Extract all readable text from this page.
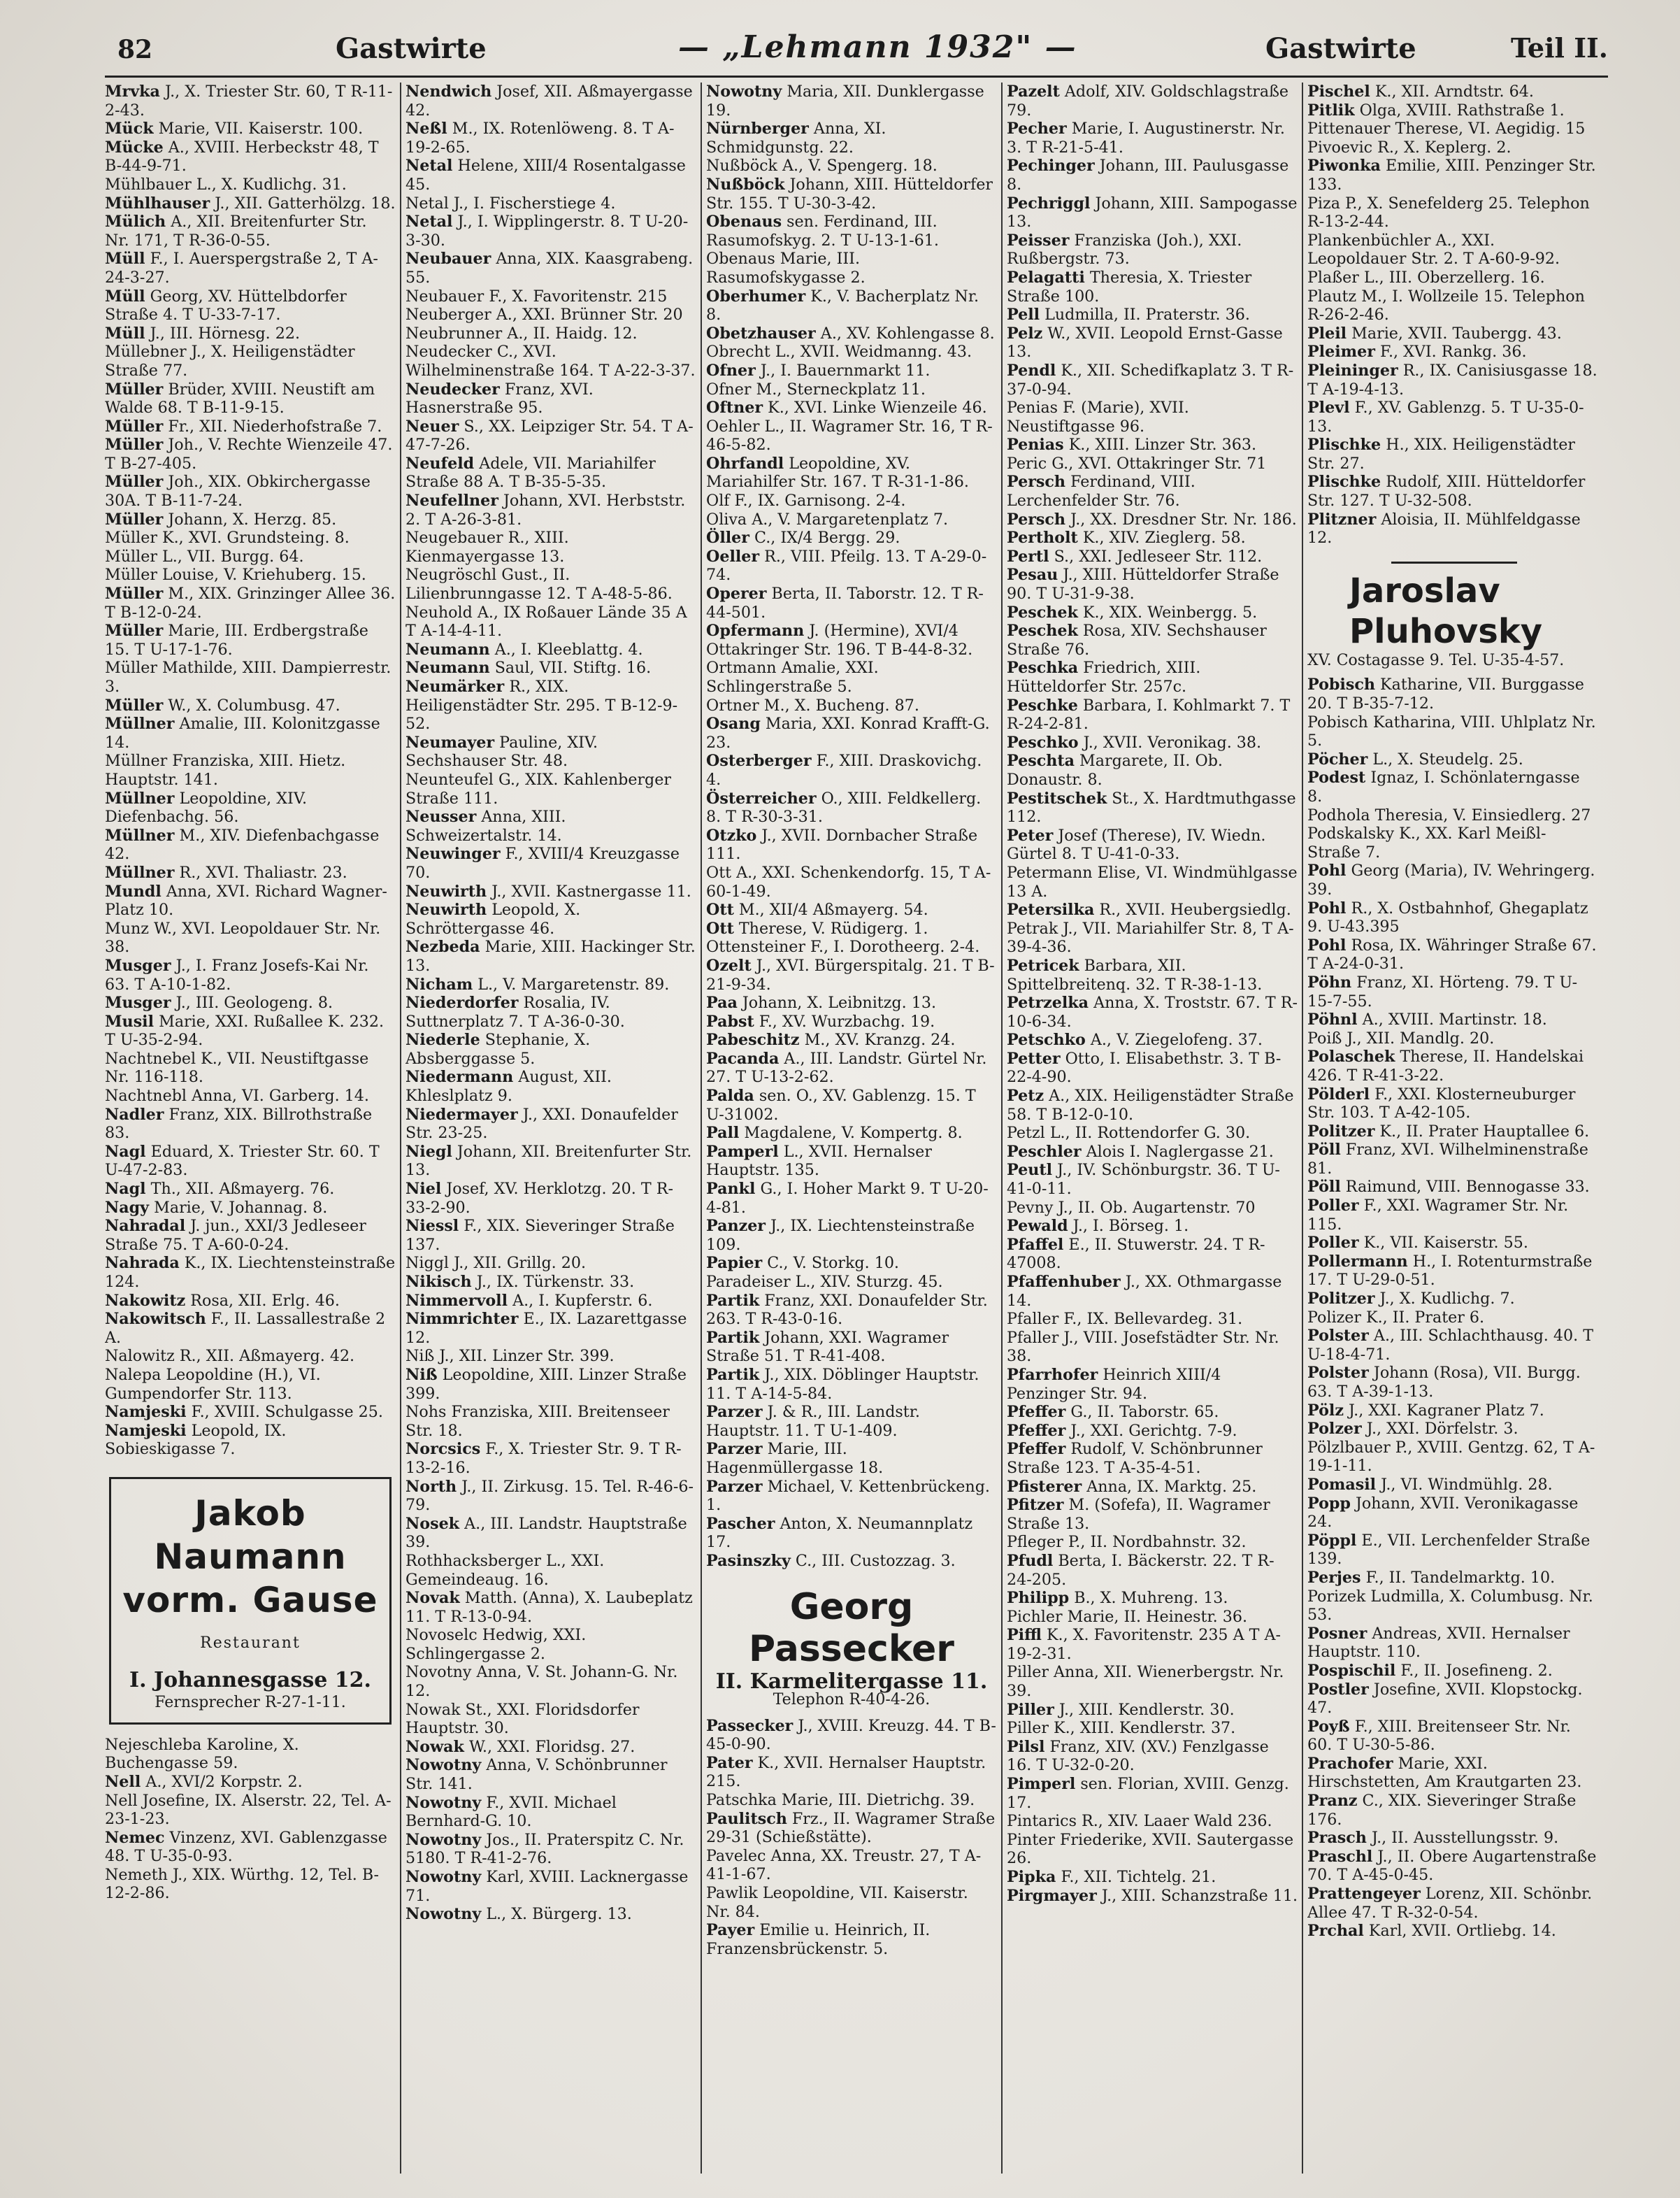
82	Gastwirte	— „Lehmann 1932" —	Gastwirte	Teil II.

Mrvka J., X. Triester Str. 60, T R-11-2-43.

Mück Marie, VII. Kaiserstr. 100.

Mücke A., XVIII. Herbeckstr 48, T B-44-9-71.

Mühlbauer L., X. Kudlichg. 31.

Mühlhauser J., XII. Gatterhölzg. 18.

Mülich A., XII. Breitenfurter Str. Nr. 171, T R-36-0-55.

Müll F., I. Auerspergstraße 2, T A-24-3-27.

Müll Georg, XV. Hüttelbdorfer Straße 4. T U-33-7-17.

Müll J., III. Hörnesg. 22.

Müllebner J., X. Heiligenstädter Straße 77.

Müller Brüder, XVIII. Neustift am Walde 68. T B-11-9-15.

Müller Fr., XII. Niederhofstraße 7.

Müller Joh., V. Rechte Wienzeile 47. T B-27-405.

Müller Joh., XIX. Obkirchergasse 30A. T B-11-7-24.

Müller Johann, X. Herzg. 85.

Müller K., XVI. Grundsteing. 8.

Müller L., VII. Burgg. 64.

Müller Louise, V. Kriehuberg. 15.

Müller M., XIX. Grinzinger Allee 36. T B-12-0-24.

Müller Marie, III. Erdbergstraße 15. T U-17-1-76.

Müller Mathilde, XIII. Dampierrestr. 3.

Müller W., X. Columbusg. 47.

Müllner Amalie, III. Kolonitzgasse 14.

Müllner Franziska, XIII. Hietz. Hauptstr. 141.

Müllner Leopoldine, XIV. Diefenbachg. 56.

Müllner M., XIV. Diefenbachgasse 42.

Müllner R., XVI. Thaliastr. 23.

Mundl Anna, XVI. Richard Wagner-Platz 10.

Munz W., XVI. Leopoldauer Str. Nr. 38.

Musger J., I. Franz Josefs-Kai Nr. 63. T A-10-1-82.

Musger J., III. Geologeng. 8.

Musil Marie, XXI. Rußallee K. 232. T U-35-2-94.

Nachtnebel K., VII. Neustiftgasse Nr. 116-118.

Nachtnebl Anna, VI. Garberg. 14.

Nadler Franz, XIX. Billrothstraße 83.

Nagl Eduard, X. Triester Str. 60. T U-47-2-83.

Nagl Th., XII. Aßmayerg. 76.

Nagy Marie, V. Johannag. 8.

Nahradal J. jun., XXI/3 Jedleseer Straße 75. T A-60-0-24.

Nahrada K., IX. Liechtensteinstraße 124.

Nakowitz Rosa, XII. Erlg. 46.

Nakowitsch F., II. Lassallestraße 2 A.

Nalowitz R., XII. Aßmayerg. 42.

Nalepa Leopoldine (H.), VI. Gumpendorfer Str. 113.

Namjeski F., XVIII. Schulgasse 25.

Namjeski Leopold, IX. Sobieskigasse 7.

Jakob Naumann
vorm. Gause
Restaurant
I. Johannesgasse 12.
Fernsprecher R-27-1-11.

Nejeschleba Karoline, X. Buchengasse 59.

Nell A., XVI/2 Korpstr. 2.

Nell Josefine, IX. Alserstr. 22, Tel. A-23-1-23.

Nemec Vinzenz, XVI. Gablenzgasse 48. T U-35-0-93.

Nemeth J., XIX. Würthg. 12, Tel. B-12-2-86.

Nendwich Josef, XII. Aßmayergasse 42.

Neßl M., IX. Rotenlöweng. 8. T A-19-2-65.

Netal Helene, XIII/4 Rosentalgasse 45.

Netal J., I. Fischerstiege 4.

Netal J., I. Wipplingerstr. 8. T U-20-3-30.

Neubauer Anna, XIX. Kaasgrabeng. 55.

Neubauer F., X. Favoritenstr. 215

Neuberger A., XXI. Brünner Str. 20

Neubrunner A., II. Haidg. 12.

Neudecker C., XVI. Wilhelminenstraße 164. T A-22-3-37.

Neudecker Franz, XVI. Hasnerstraße 95.

Neuer S., XX. Leipziger Str. 54. T A-47-7-26.

Neufeld Adele, VII. Mariahilfer Straße 88 A. T B-35-5-35.

Neufellner Johann, XVI. Herbststr. 2. T A-26-3-81.

Neugebauer R., XIII. Kienmayergasse 13.

Neugröschl Gust., II. Lilienbrunngasse 12. T A-48-5-86.

Neuhold A., IX Roßauer Lände 35 A T A-14-4-11.

Neumann A., I. Kleeblattg. 4.

Neumann Saul, VII. Stiftg. 16.

Neumärker R., XIX. Heiligenstädter Str. 295. T B-12-9-52.

Neumayer Pauline, XIV. Sechshauser Str. 48.

Neunteufel G., XIX. Kahlenberger Straße 111.

Neusser Anna, XIII. Schweizertalstr. 14.

Neuwinger F., XVIII/4 Kreuzgasse 70.

Neuwirth J., XVII. Kastnergasse 11.

Neuwirth Leopold, X. Schröttergasse 46.

Nezbeda Marie, XIII. Hackinger Str. 13.

Nicham L., V. Margaretenstr. 89.

Niederdorfer Rosalia, IV. Suttnerplatz 7. T A-36-0-30.

Niederle Stephanie, X. Absberggasse 5.

Niedermann August, XII. Khleslplatz 9.

Niedermayer J., XXI. Donaufelder Str. 23-25.

Niegl Johann, XII. Breitenfurter Str. 13.

Niel Josef, XV. Herklotzg. 20. T R-33-2-90.

Niessl F., XIX. Sieveringer Straße 137.

Niggl J., XII. Grillg. 20.

Nikisch J., IX. Türkenstr. 33.

Nimmervoll A., I. Kupferstr. 6.

Nimmrichter E., IX. Lazarettgasse 12.

Niß J., XII. Linzer Str. 399.

Niß Leopoldine, XIII. Linzer Straße 399.

Nohs Franziska, XIII. Breitenseer Str. 18.

Norcsics F., X. Triester Str. 9. T R-13-2-16.

North J., II. Zirkusg. 15. Tel. R-46-6-79.

Nosek A., III. Landstr. Hauptstraße 39.

Rothhacksberger L., XXI. Gemeindeaug. 16.

Novak Matth. (Anna), X. Laubeplatz 11. T R-13-0-94.

Novoselc Hedwig, XXI. Schlingergasse 2.

Novotny Anna, V. St. Johann-G. Nr. 12.

Nowak St., XXI. Floridsdorfer Hauptstr. 30.

Nowak W., XXI. Floridsg. 27.

Nowotny Anna, V. Schönbrunner Str. 141.

Nowotny F., XVII. Michael Bernhard-G. 10.

Nowotny Jos., II. Praterspitz C. Nr. 5180. T R-41-2-76.

Nowotny Karl, XVIII. Lacknergasse 71.

Nowotny L., X. Bürgerg. 13.

Nowotny Maria, XII. Dunklergasse 19.

Nürnberger Anna, XI. Schmidgunstg. 22.

Nußböck A., V. Spengerg. 18.

Nußböck Johann, XIII. Hütteldorfer Str. 155. T U-30-3-42.

Obenaus sen. Ferdinand, III. Rasumofskyg. 2. T U-13-1-61.

Obenaus Marie, III. Rasumofskygasse 2.

Oberhumer K., V. Bacherplatz Nr. 8.

Obetzhauser A., XV. Kohlengasse 8.

Obrecht L., XVII. Weidmanng. 43.

Ofner J., I. Bauernmarkt 11.

Ofner M., Sterneckplatz 11.

Oftner K., XVI. Linke Wienzeile 46.

Oehler L., II. Wagramer Str. 16, T R-46-5-82.

Ohrfandl Leopoldine, XV. Mariahilfer Str. 167. T R-31-1-86.

Olf F., IX. Garnisong. 2-4.

Oliva A., V. Margaretenplatz 7.

Öller C., IX/4 Bergg. 29.

Oeller R., VIII. Pfeilg. 13. T A-29-0-74.

Operer Berta, II. Taborstr. 12. T R-44-501.

Opfermann J. (Hermine), XVI/4 Ottakringer Str. 196. T B-44-8-32.

Ortmann Amalie, XXI. Schlingerstraße 5.

Ortner M., X. Bucheng. 87.

Osang Maria, XXI. Konrad Krafft-G. 23.

Osterberger F., XIII. Draskovichg. 4.

Österreicher O., XIII. Feldkellerg. 8. T R-30-3-31.

Otzko J., XVII. Dornbacher Straße 111.

Ott A., XXI. Schenkendorfg. 15, T A-60-1-49.

Ott M., XII/4 Aßmayerg. 54.

Ott Therese, V. Rüdigerg. 1.

Ottensteiner F., I. Dorotheerg. 2-4.

Ozelt J., XVI. Bürgerspitalg. 21. T B-21-9-34.

Paa Johann, X. Leibnitzg. 13.

Pabst F., XV. Wurzbachg. 19.

Pabeschitz M., XV. Kranzg. 24.

Pacanda A., III. Landstr. Gürtel Nr. 27. T U-13-2-62.

Palda sen. O., XV. Gablenzg. 15. T U-31002.

Pall Magdalene, V. Kompertg. 8.

Pamperl L., XVII. Hernalser Hauptstr. 135.

Pankl G., I. Hoher Markt 9. T U-20-4-81.

Panzer J., IX. Liechtensteinstraße 109.

Papier C., V. Storkg. 10.

Paradeiser L., XIV. Sturzg. 45.

Partik Franz, XXI. Donaufelder Str. 263. T R-43-0-16.

Partik Johann, XXI. Wagramer Straße 51. T R-41-408.

Partik J., XIX. Döblinger Hauptstr. 11. T A-14-5-84.

Parzer J. & R., III. Landstr. Hauptstr. 11. T U-1-409.

Parzer Marie, III. Hagenmüllergasse 18.

Parzer Michael, V. Kettenbrückeng. 1.

Pascher Anton, X. Neumannplatz 17.

Pasinszky C., III. Custozzag. 3.

Georg Passecker
II. Karmelitergasse 11.
Telephon R-40-4-26.

Passecker J., XVIII. Kreuzg. 44. T B-45-0-90.

Pater K., XVII. Hernalser Hauptstr. 215.

Patschka Marie, III. Dietrichg. 39.

Paulitsch Frz., II. Wagramer Straße 29-31 (Schießstätte).

Pavelec Anna, XX. Treustr. 27, T A-41-1-67.

Pawlik Leopoldine, VII. Kaiserstr. Nr. 84.

Payer Emilie u. Heinrich, II. Franzensbrückenstr. 5.

Pazelt Adolf, XIV. Goldschlagstraße 79.

Pecher Marie, I. Augustinerstr. Nr. 3. T R-21-5-41.

Pechinger Johann, III. Paulusgasse 8.

Pechriggl Johann, XIII. Sampogasse 13.

Peisser Franziska (Joh.), XXI. Rußbergstr. 73.

Pelagatti Theresia, X. Triester Straße 100.

Pell Ludmilla, II. Praterstr. 36.

Pelz W., XVII. Leopold Ernst-Gasse 13.

Pendl K., XII. Schedifkaplatz 3. T R-37-0-94.

Penias F. (Marie), XVII. Neustiftgasse 96.

Penias K., XIII. Linzer Str. 363.

Peric G., XVI. Ottakringer Str. 71

Persch Ferdinand, VIII. Lerchenfelder Str. 76.

Persch J., XX. Dresdner Str. Nr. 186.

Pertholt K., XIV. Zieglerg. 58.

Pertl S., XXI. Jedleseer Str. 112.

Pesau J., XIII. Hütteldorfer Straße 90. T U-31-9-38.

Peschek K., XIX. Weinbergg. 5.

Peschek Rosa, XIV. Sechshauser Straße 76.

Peschka Friedrich, XIII. Hütteldorfer Str. 257c.

Peschke Barbara, I. Kohlmarkt 7. T R-24-2-81.

Peschko J., XVII. Veronikag. 38.

Peschta Margarete, II. Ob. Donaustr. 8.

Pestitschek St., X. Hardtmuthgasse 112.

Peter Josef (Therese), IV. Wiedn. Gürtel 8. T U-41-0-33.

Petermann Elise, VI. Windmühlgasse 13 A.

Petersilka R., XVII. Heubergsiedlg.

Petrak J., VII. Mariahilfer Str. 8, T A-39-4-36.

Petricek Barbara, XII. Spittelbreitenq. 32. T R-38-1-13.

Petrzelka Anna, X. Troststr. 67. T R-10-6-34.

Petschko A., V. Ziegelofeng. 37.

Petter Otto, I. Elisabethstr. 3. T B-22-4-90.

Petz A., XIX. Heiligenstädter Straße 58. T B-12-0-10.

Petzl L., II. Rottendorfer G. 30.

Peschler Alois I. Naglergasse 21.

Peutl J., IV. Schönburgstr. 36. T U-41-0-11.

Pevny J., II. Ob. Augartenstr. 70

Pewald J., I. Börseg. 1.

Pfaffel E., II. Stuwerstr. 24. T R-47008.

Pfaffenhuber J., XX. Othmargasse 14.

Pfaller F., IX. Bellevardeg. 31.

Pfaller J., VIII. Josefstädter Str. Nr. 38.

Pfarrhofer Heinrich XIII/4 Penzinger Str. 94.

Pfeffer G., II. Taborstr. 65.

Pfeffer J., XXI. Gerichtg. 7-9.

Pfeffer Rudolf, V. Schönbrunner Straße 123. T A-35-4-51.

Pfisterer Anna, IX. Marktg. 25.

Pfitzer M. (Sofefa), II. Wagramer Straße 13.

Pfleger P., II. Nordbahnstr. 32.

Pfudl Berta, I. Bäckerstr. 22. T R-24-205.

Philipp B., X. Muhreng. 13.

Pichler Marie, II. Heinestr. 36.

Piffl K., X. Favoritenstr. 235 A T A-19-2-31.

Piller Anna, XII. Wienerbergstr. Nr. 39.

Piller J., XIII. Kendlerstr. 30.

Piller K., XIII. Kendlerstr. 37.

Pilsl Franz, XIV. (XV.) Fenzlgasse 16. T U-32-0-20.

Pimperl sen. Florian, XVIII. Genzg. 17.

Pintarics R., XIV. Laaer Wald 236.

Pinter Friederike, XVII. Sautergasse 26.

Pipka F., XII. Tichtelg. 21.

Pirgmayer J., XIII. Schanzstraße 11.

Pischel K., XII. Arndtstr. 64.

Pitlik Olga, XVIII. Rathstraße 1.

Pittenauer Therese, VI. Aegidig. 15

Pivoevic R., X. Keplerg. 2.

Piwonka Emilie, XIII. Penzinger Str. 133.

Piza P., X. Senefelderg 25. Telephon R-13-2-44.

Plankenbüchler A., XXI. Leopoldauer Str. 2. T A-60-9-92.

Plaßer L., III. Oberzellerg. 16.

Plautz M., I. Wollzeile 15. Telephon R-26-2-46.

Pleil Marie, XVII. Taubergg. 43.

Pleimer F., XVI. Rankg. 36.

Pleininger R., IX. Canisiusgasse 18. T A-19-4-13.

Plevl F., XV. Gablenzg. 5. T U-35-0-13.

Plischke H., XIX. Heiligenstädter Str. 27.

Plischke Rudolf, XIII. Hütteldorfer Str. 127. T U-32-508.

Plitzner Aloisia, II. Mühlfeldgasse 12.

Jaroslav Pluhovsky
XV. Costagasse 9. Tel. U-35-4-57.

Pobisch Katharine, VII. Burggasse 20. T B-35-7-12.

Pobisch Katharina, VIII. Uhlplatz Nr. 5.

Pöcher L., X. Steudelg. 25.

Podest Ignaz, I. Schönlaterngasse 8.

Podhola Theresia, V. Einsiedlerg. 27

Podskalsky K., XX. Karl Meißl-Straße 7.

Pohl Georg (Maria), IV. Wehringerg. 39.

Pohl R., X. Ostbahnhof, Ghegaplatz 9. U-43.395

Pohl Rosa, IX. Währinger Straße 67. T A-24-0-31.

Pöhn Franz, XI. Hörteng. 79. T U-15-7-55.

Pöhnl A., XVIII. Martinstr. 18.

Poiß J., XII. Mandlg. 20.

Polaschek Therese, II. Handelskai 426. T R-41-3-22.

Pölderl F., XXI. Klosterneuburger Str. 103. T A-42-105.

Politzer K., II. Prater Hauptallee 6.

Pöll Franz, XVI. Wilhelminenstraße 81.

Pöll Raimund, VIII. Bennogasse 33.

Poller F., XXI. Wagramer Str. Nr. 115.

Poller K., VII. Kaiserstr. 55.

Pollermann H., I. Rotenturmstraße 17. T U-29-0-51.

Politzer J., X. Kudlichg. 7.

Polizer K., II. Prater 6.

Polster A., III. Schlachthausg. 40. T U-18-4-71.

Polster Johann (Rosa), VII. Burgg. 63. T A-39-1-13.

Pölz J., XXI. Kagraner Platz 7.

Polzer J., XXI. Dörfelstr. 3.

Pölzlbauer P., XVIII. Gentzg. 62, T A-19-1-11.

Pomasil J., VI. Windmühlg. 28.

Popp Johann, XVII. Veronikagasse 24.

Pöppl E., VII. Lerchenfelder Straße 139.

Perjes F., II. Tandelmarktg. 10.

Porizek Ludmilla, X. Columbusg. Nr. 53.

Posner Andreas, XVII. Hernalser Hauptstr. 110.

Pospischil F., II. Josefineng. 2.

Postler Josefine, XVII. Klopstockg. 47.

Poyß F., XIII. Breitenseer Str. Nr. 60. T U-30-5-86.

Prachofer Marie, XXI. Hirschstetten, Am Krautgarten 23.

Pranz C., XIX. Sieveringer Straße 176.

Prasch J., II. Ausstellungsstr. 9.

Praschl J., II. Obere Augartenstraße 70. T A-45-0-45.

Prattengeyer Lorenz, XII. Schönbr. Allee 47. T R-32-0-54.

Prchal Karl, XVII. Ortliebg. 14.
